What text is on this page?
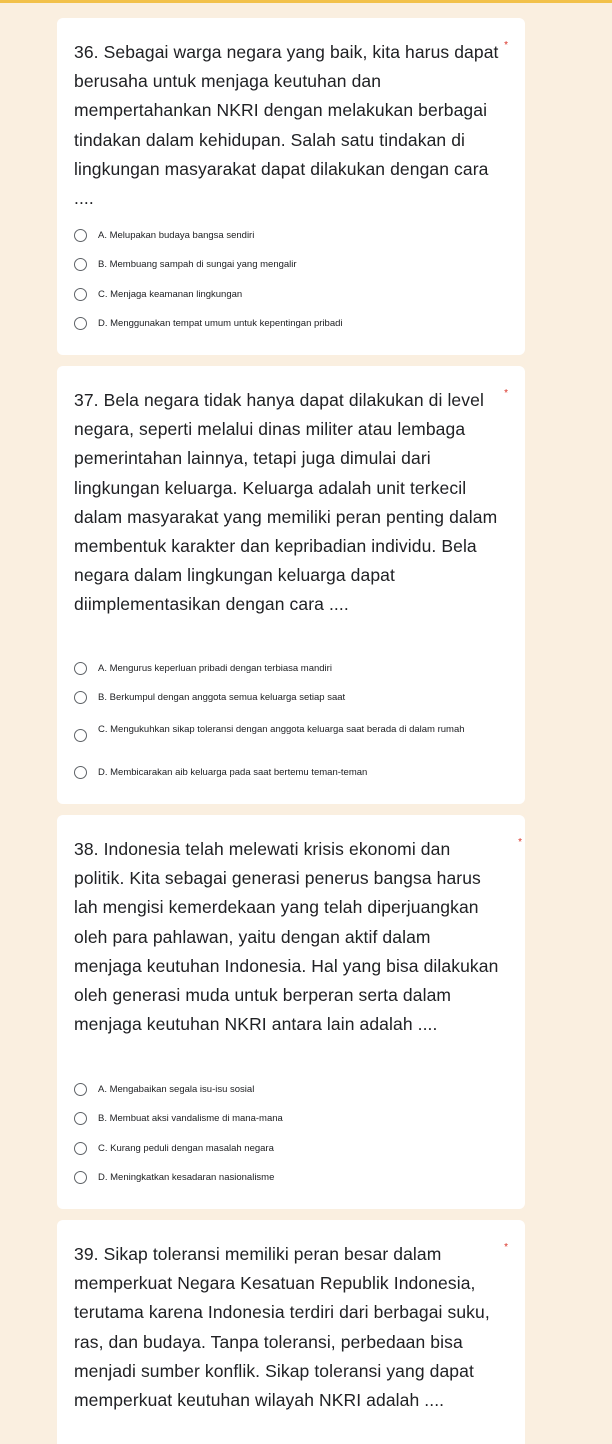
36. Sebagai warga negara yang baik, kita harus dapat berusaha untuk menjaga keutuhan dan mempertahankan NKRI dengan melakukan berbagai tindakan dalam kehidupan. Salah satu tindakan di lingkungan masyarakat dapat dilakukan dengan cara ....
*
A. Melupakan budaya bangsa sendiri
B. Membuang sampah di sungai yang mengalir
C. Menjaga keamanan lingkungan
D. Menggunakan tempat umum untuk kepentingan pribadi
37. Bela negara tidak hanya dapat dilakukan di level negara, seperti melalui dinas militer atau lembaga pemerintahan lainnya, tetapi juga dimulai dari lingkungan keluarga. Keluarga adalah unit terkecil dalam masyarakat yang memiliki peran penting dalam membentuk karakter dan kepribadian individu. Bela negara dalam lingkungan keluarga dapat diimplementasikan dengan cara ....
*
A. Mengurus keperluan pribadi dengan terbiasa mandiri
B. Berkumpul dengan anggota semua keluarga setiap saat
C. Mengukuhkan sikap toleransi dengan anggota keluarga saat berada di dalam rumah
D. Membicarakan aib keluarga pada saat bertemu teman-teman
38. Indonesia telah melewati krisis ekonomi dan politik. Kita sebagai generasi penerus bangsa harus lah mengisi kemerdekaan yang telah diperjuangkan oleh para pahlawan, yaitu dengan aktif dalam menjaga keutuhan Indonesia. Hal yang bisa dilakukan oleh generasi muda untuk berperan serta dalam menjaga keutuhan NKRI antara lain adalah ....
*
A. Mengabaikan segala isu-isu sosial
B. Membuat aksi vandalisme di mana-mana
C. Kurang peduli dengan masalah negara
D. Meningkatkan kesadaran nasionalisme
39. Sikap toleransi memiliki peran besar dalam memperkuat Negara Kesatuan Republik Indonesia, terutama karena Indonesia terdiri dari berbagai suku, ras, dan budaya. Tanpa toleransi, perbedaan bisa menjadi sumber konflik. Sikap toleransi yang dapat memperkuat keutuhan wilayah NKRI adalah ....
*
